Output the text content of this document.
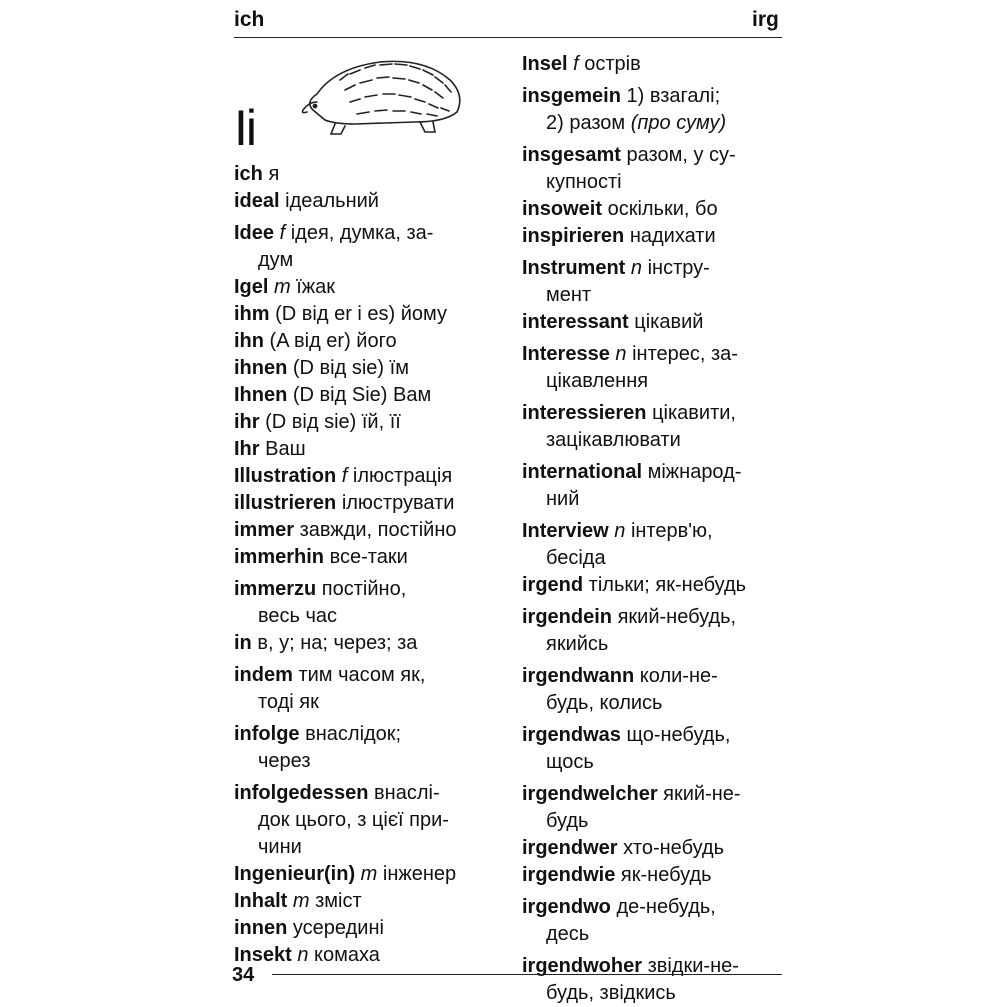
ich	irg
Ii
ich я
ideal ідеальний
Idee f ідея, думка, за-
дум
Igel m їжак
ihm (D від er і es) йому
ihn (A від er) його
ihnen (D від sie) їм
Ihnen (D від Sie) Вам
ihr (D від sie) їй, її
Ihr Ваш
Illustration f ілюстрація
illustrieren ілюструвати
immer завжди, постійно
immerhin все-таки
immerzu постійно,
весь час
in в, у; на; через; за
indem тим часом як,
тоді як
infolge внаслідок;
через
infolgedessen внаслі-
док цього, з цієї при-
чини
Ingenieur(in) m інженер
Inhalt m зміст
innen усередині
Insekt n комаха
Insel f острів
insgemein 1) взагалі;
2) разом (про суму)
insgesamt разом, у су-
купності
insoweit оскільки, бо
inspirieren надихати
Instrument n інстру-
мент
interessant цікавий
Interesse n інтерес, за-
цікавлення
interessieren цікавити,
зацікавлювати
international міжнарод-
ний
Interview n інтерв'ю,
бесіда
irgend тільки; як-небудь
irgendein який-небудь,
якийсь
irgendwann коли-не-
будь, колись
irgendwas що-небудь,
щось
irgendwelcher який-не-
будь
irgendwer хто-небудь
irgendwie як-небудь
irgendwo де-небудь,
десь
irgendwoher звідки-не-
будь, звідкись
34
